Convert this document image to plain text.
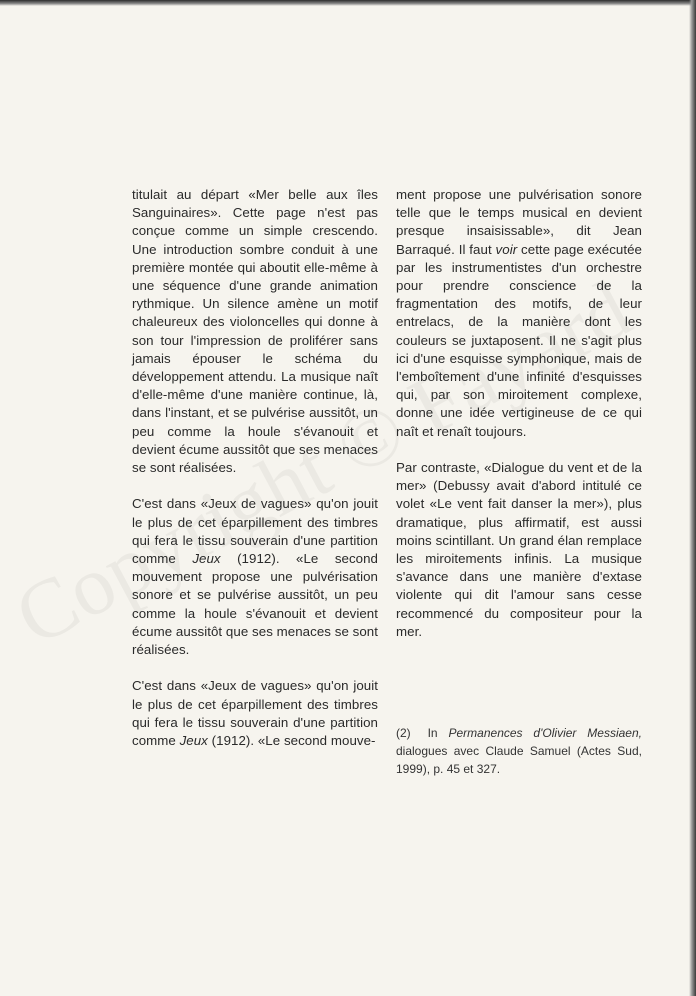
titulait au départ «Mer belle aux îles Sanguinaires». Cette page n'est pas conçue comme un simple crescendo. Une introduction sombre conduit à une première montée qui aboutit elle-même à une séquence d'une grande animation rythmique. Un silence amène un motif chaleureux des violoncelles qui donne à son tour l'impression de proliférer sans jamais épouser le schéma du développement attendu. La musique naît d'elle-même d'une manière continue, là, dans l'instant, et se pulvérise aussitôt, un peu comme la houle s'évanouit et devient écume aussitôt que ses menaces se sont réalisées.

C'est dans «Jeux de vagues» qu'on jouit le plus de cet éparpillement des timbres qui fera le tissu souverain d'une partition comme Jeux (1912). «Le second mouvement propose une pulvérisation sonore et se pulvérise aussitôt, un peu comme la houle s'évanouit et devient écume aussitôt que ses menaces se sont réalisées.

C'est dans «Jeux de vagues» qu'on jouit le plus de cet éparpillement des timbres qui fera le tissu souverain d'une partition comme Jeux (1912). «Le second mouve-

ment propose une pulvérisation sonore telle que le temps musical en devient presque insaisissable», dit Jean Barraqué. Il faut voir cette page exécutée par les instrumentistes d'un orchestre pour prendre conscience de la fragmentation des motifs, de leur entrelacs, de la manière dont les couleurs se juxtaposent. Il ne s'agit plus ici d'une esquisse symphonique, mais de l'emboîtement d'une infinité d'esquisses qui, par son miroitement complexe, donne une idée vertigineuse de ce qui naît et renaît toujours.

Par contraste, «Dialogue du vent et de la mer» (Debussy avait d'abord intitulé ce volet «Le vent fait danser la mer»), plus dramatique, plus affirmatif, est aussi moins scintillant. Un grand élan remplace les miroitements infinis. La musique s'avance dans une manière d'extase violente qui dit l'amour sans cesse recommencé du compositeur pour la mer.

(2) In Permanences d'Olivier Messiaen, dialogues avec Claude Samuel (Actes Sud, 1999), p. 45 et 327.
